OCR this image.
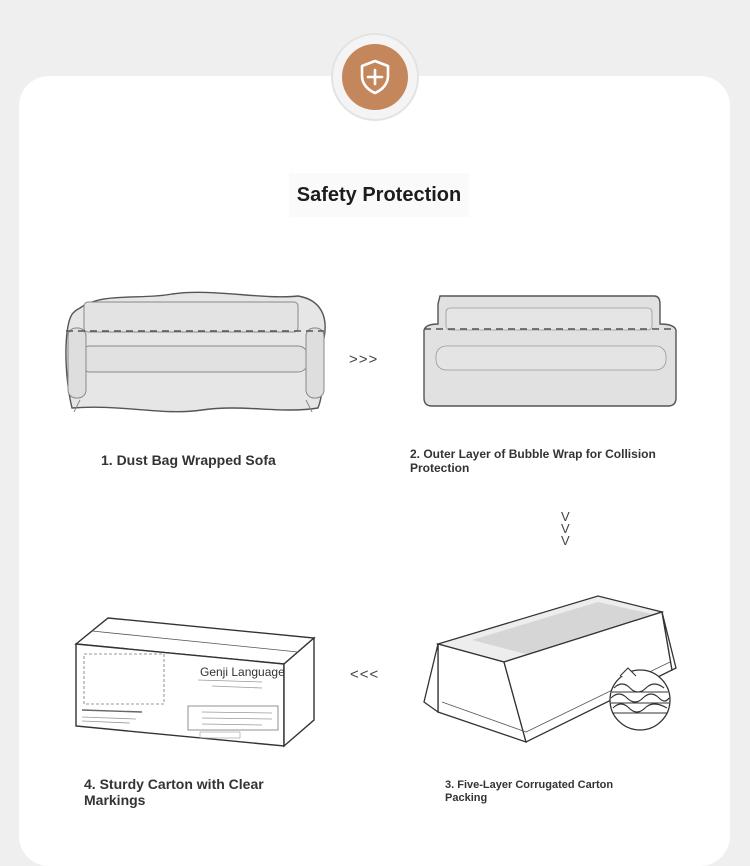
Safety Protection
1. Dust Bag Wrapped Sofa
>>>
2. Outer Layer of Bubble Wrap for Collision Protection
V
V
V
Genji Language
4. Sturdy Carton with Clear Markings
<<<
3. Five-Layer Corrugated Carton Packing
